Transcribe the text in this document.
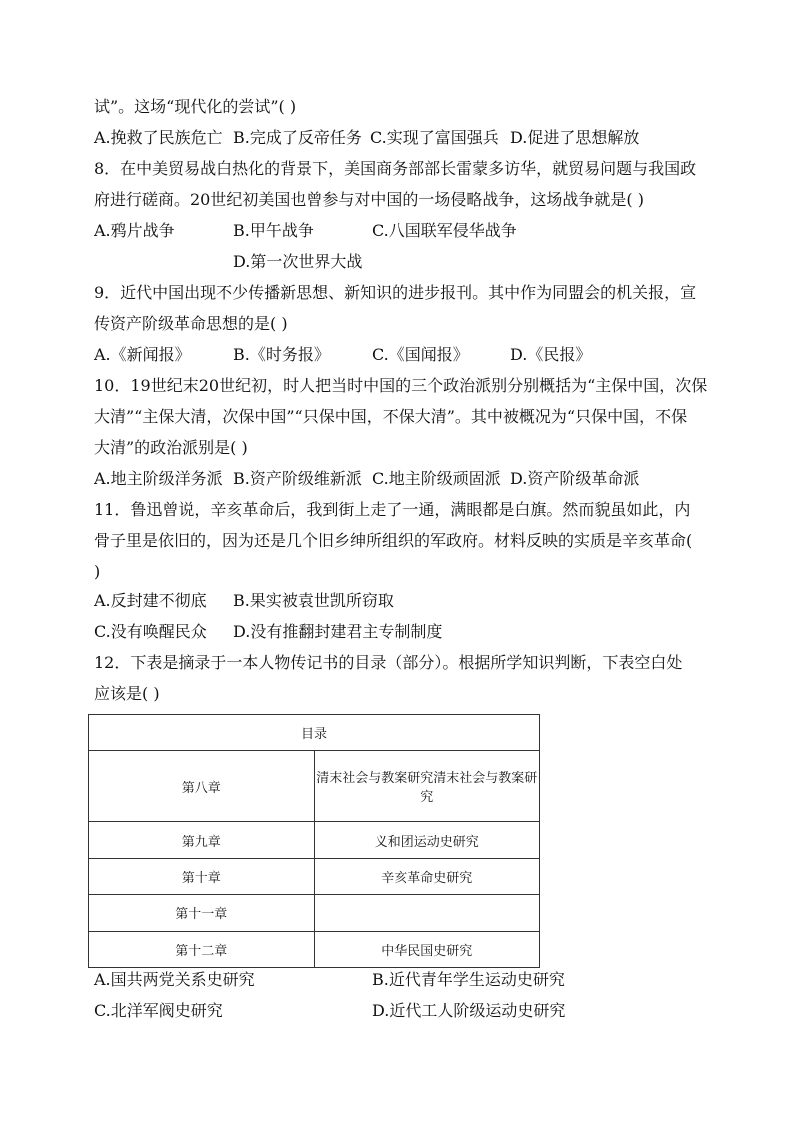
试”。这场“现代化的尝试”( )
A.挽救了民族危亡 B.完成了反帝任务 C.实现了富国强兵 D.促进了思想解放
8．在中美贸易战白热化的背景下，美国商务部部长雷蒙多访华，就贸易问题与我国政
府进行磋商。20世纪初美国也曾参与对中国的一场侵略战争，这场战争就是( )
A.鸦片战争	B.甲午战争	C.八国联军侵华战争
D.第一次世界大战
9．近代中国出现不少传播新思想、新知识的进步报刊。其中作为同盟会的机关报，宣
传资产阶级革命思想的是( )
A.《新闻报》	B.《时务报》	C.《国闻报》	D.《民报》
10．19世纪末20世纪初，时人把当时中国的三个政治派别分别概括为“主保中国，次保
大清”“主保大清，次保中国”“只保中国，不保大清”。其中被概况为“只保中国，不保
大清”的政治派别是( )
A.地主阶级洋务派 B.资产阶级维新派 C.地主阶级顽固派 D.资产阶级革命派
11．鲁迅曾说，辛亥革命后，我到街上走了一通，满眼都是白旗。然而貌虽如此，内
骨子里是依旧的，因为还是几个旧乡绅所组织的军政府。材料反映的实质是辛亥革命(
)
A.反封建不彻底 B.果实被袁世凯所窃取
C.没有唤醒民众 D.没有推翻封建君主专制制度
12．下表是摘录于一本人物传记书的目录（部分）。根据所学知识判断，下表空白处
应该是( )
目录	
第八章	清末社会与教案研究清末社会与教案研究
第九章	义和团运动史研究
第十章	辛亥革命史研究
第十一章	
第十二章	中华民国史研究
A.国共两党关系史研究	B.近代青年学生运动史研究
C.北洋军阀史研究	D.近代工人阶级运动史研究
